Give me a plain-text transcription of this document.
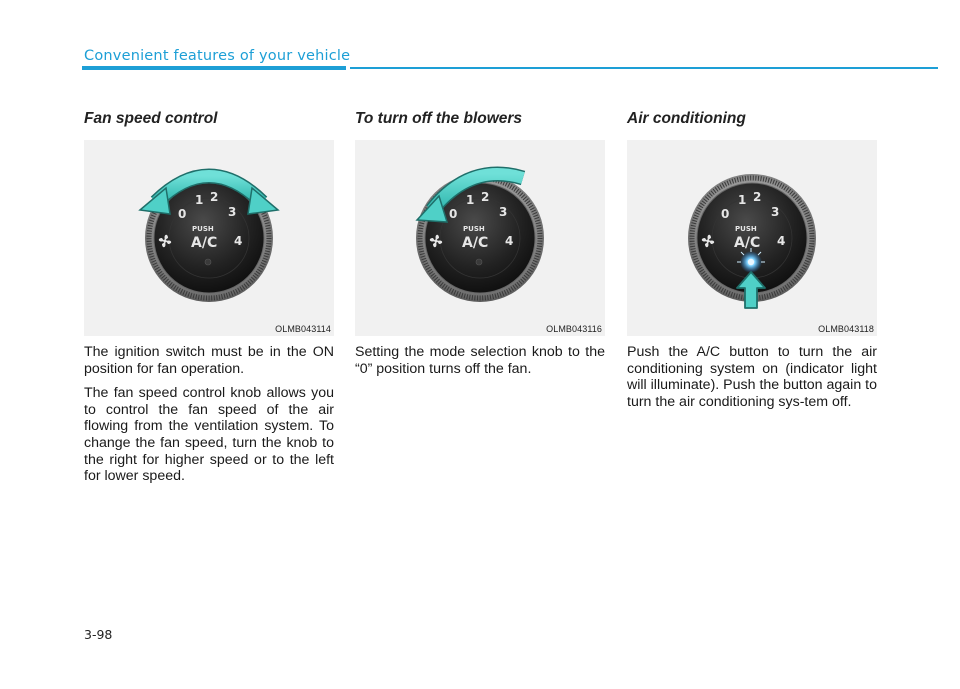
Convenient features of your vehicle
Fan speed control
0
1 2
3
4
PUSH
A/C
OLMB043114

The ignition switch must be in the ON position for fan operation.

The fan speed control knob allows you to control the fan speed of the air flowing from the ventilation system. To change the fan speed, turn the knob to the right for higher speed or to the left for lower speed.

To turn off the blowers
0
1 2
3
4
PUSH
A/C
OLMB043116

Setting the mode selection knob to the “0” position turns off the fan.

Air conditioning
0
1 2
3
4
PUSH
A/C
OLMB043118

Push the A/C button to turn the air conditioning system on (indicator light will illuminate). Push the button again to turn the air conditioning sys-tem off.

3-98
